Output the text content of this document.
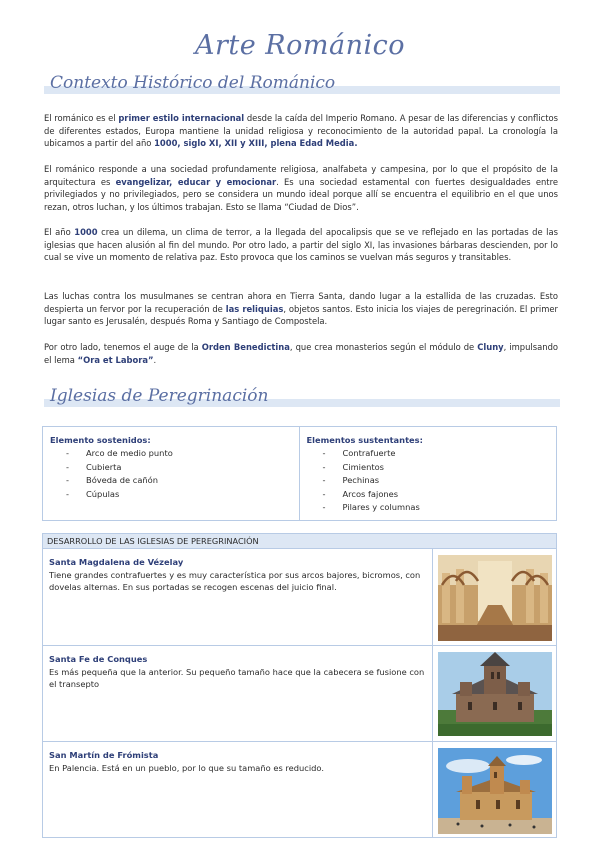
Arte Románico
Contexto Histórico del Románico
El románico es el primer estilo internacional desde la caída del Imperio Romano. A pesar de las diferencias y conflictos de diferentes estados, Europa mantiene la unidad religiosa y reconocimiento de la autoridad papal. La cronología la ubicamos a partir del año 1000, siglo XI, XII y XIII, plena Edad Media.
El románico responde a una sociedad profundamente religiosa, analfabeta y campesina, por lo que el propósito de la arquitectura es evangelizar, educar y emocionar. Es una sociedad estamental con fuertes desigualdades entre privilegiados y no privilegiados, pero se considera un mundo ideal porque allí se encuentra el equilibrio en el que unos rezan, otros luchan, y los últimos trabajan. Esto se llama “Ciudad de Dios”.
El año 1000 crea un dilema, un clima de terror, a la llegada del apocalipsis que se ve reflejado en las portadas de las iglesias que hacen alusión al fin del mundo. Por otro lado, a partir del siglo XI, las invasiones bárbaras descienden, por lo cual se vive un momento de relativa paz. Esto provoca que los caminos se vuelvan más seguros y transitables.
Las luchas contra los musulmanes se centran ahora en Tierra Santa, dando lugar a la estallida de las cruzadas. Esto despierta un fervor por la recuperación de las reliquias, objetos santos. Esto inicia los viajes de peregrinación. El primer lugar santo es Jerusalén, después Roma y Santiago de Compostela.
Por otro lado, tenemos el auge de la Orden Benedictina, que crea monasterios según el módulo de Cluny, impulsando el lema “Ora et Labora”.
Iglesias de Peregrinación
Elemento sostenidos:
- Arco de medio punto
- Cubierta
- Bóveda de cañón
- Cúpulas
Elementos sustentantes:
- Contrafuerte
- Cimientos
- Pechinas
- Arcos fajones
- Pilares y columnas
DESARROLLO DE LAS IGLESIAS DE PEREGRINACIÓN
Santa Magdalena de Vézelay
Tiene grandes contrafuertes y es muy característica por sus arcos bajores, bicromos, con dovelas alternas. En sus portadas se recogen escenas del juicio final.
Santa Fe de Conques
Es más pequeña que la anterior. Su pequeño tamaño hace que la cabecera se fusione con el transepto
San Martín de Frómista
En Palencia. Está en un pueblo, por lo que su tamaño es reducido.
